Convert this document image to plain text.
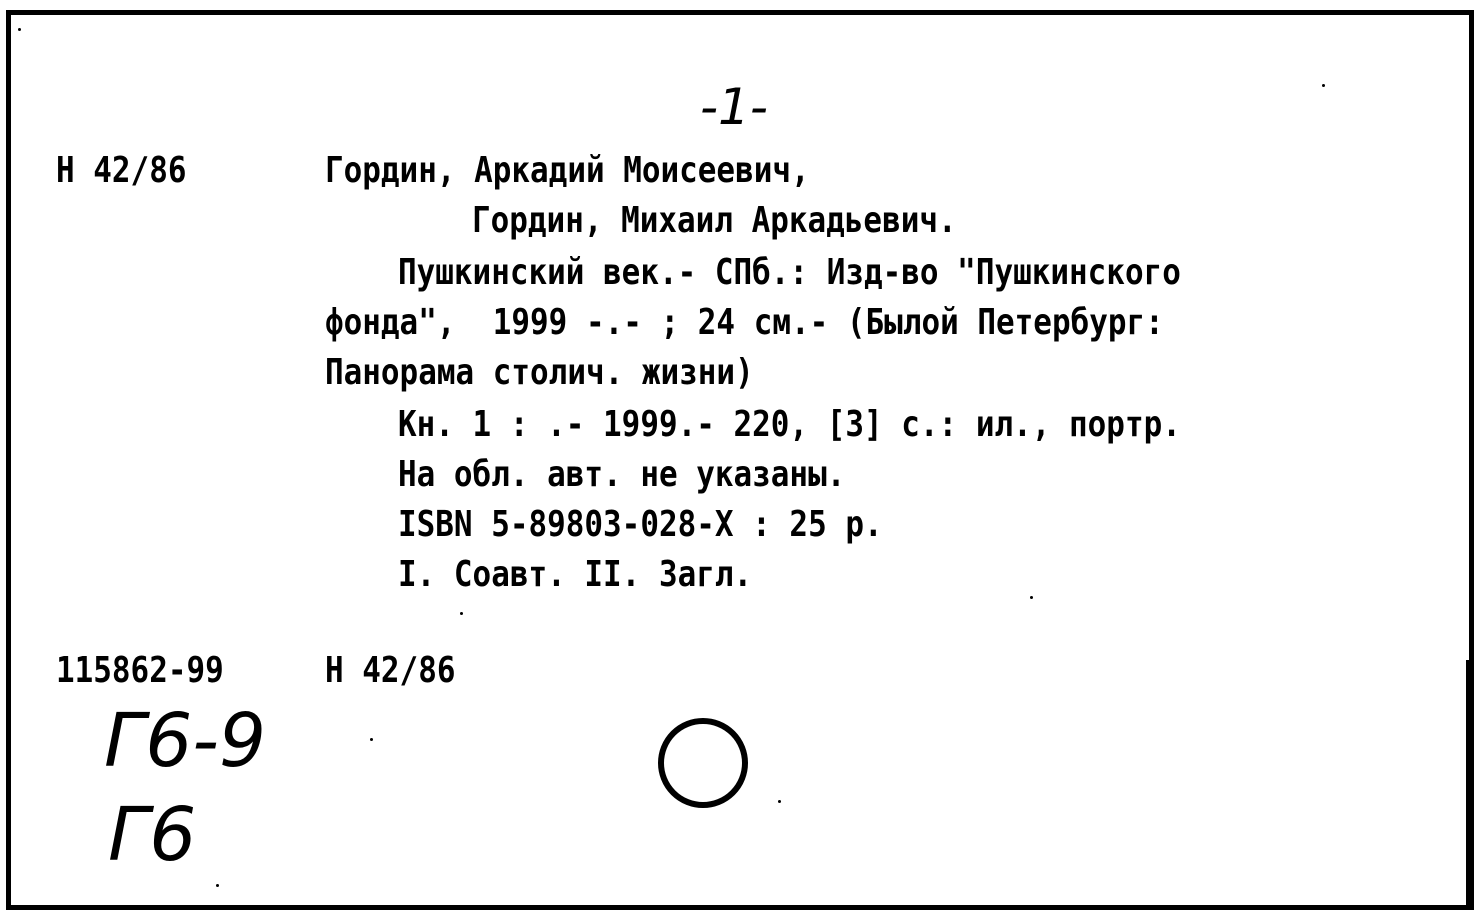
-1-
Н 42/86	Гордин, Аркадий Моисеевич,
Гордин, Михаил Аркадьевич.
Пушкинский век.- СПб.: Изд-во "Пушкинского
фонда",  1999 -.- ; 24 см.- (Былой Петербург:
Панорама столич. жизни)
Кн. 1 : .- 1999.- 220, [3] с.: ил., портр.
На обл. авт. не указаны.
ISBN 5-89803-028-X : 25 р.
I. Соавт. II. Загл.
115862-99	Н 42/86
Г6-9
Г6
